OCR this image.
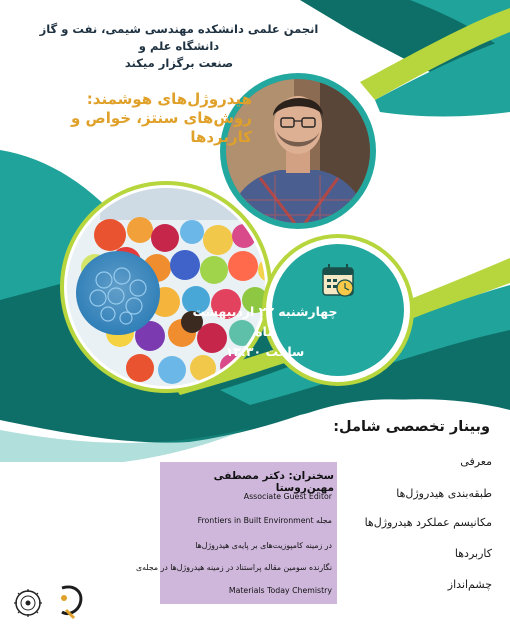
انجمن علمی دانشکده مهندسی شیمی، نفت و گاز دانشگاه علم و
صنعت برگزار میکند
هیدروژل‌های هوشمند:
روش‌های سنتز، خواص و
کاربردها
چهارشنبه ۲۲ اردیبهشت ماه
ساعت ۱۳:۳۰
وبینار تخصصی شامل:
معرفی
طبقه‌بندی هیدروژل‌ها
مکانیسم عملکرد هیدروژل‌ها
کاربردها
چشم‌انداز
سخنران: دکتر مصطفی مهین‌روستا
Associate Guest Editor
مجله Frontiers in Built Environment
در زمینه کامپوزیت‌های بر پایه‌ی هیدروژل‌ها
نگارنده سومین مقاله پراستناد در زمینه هیدروژل‌ها در مجله‌ی
Materials Today Chemistry
